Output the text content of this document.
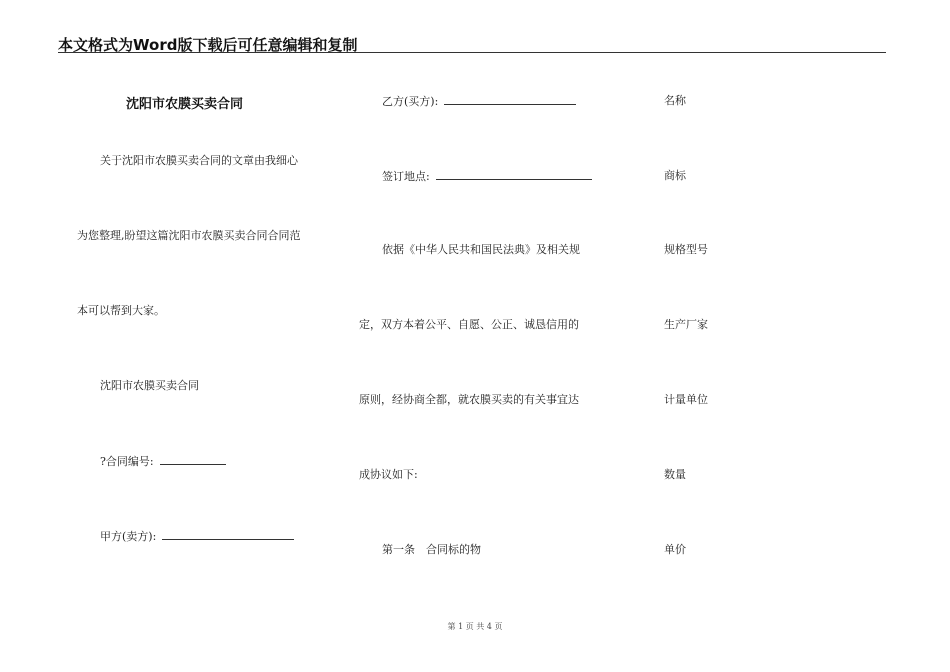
本文格式为Word版下载后可任意编辑和复制
沈阳市农膜买卖合同
关于沈阳市农膜买卖合同的文章由我细心
为您整理,盼望这篇沈阳市农膜买卖合同合同范
本可以帮到大家。
沈阳市农膜买卖合同
?合同编号:
甲方(卖方):
乙方(买方):
签订地点:
依据《中华人民共和国民法典》及相关规
定，双方本着公平、自愿、公正、诚恳信用的
原则，经协商全都，就农膜买卖的有关事宜达
成协议如下:
第一条　合同标的物
名称
商标
规格型号
生产厂家
计量单位
数量
单价
第 1 页 共 4 页
